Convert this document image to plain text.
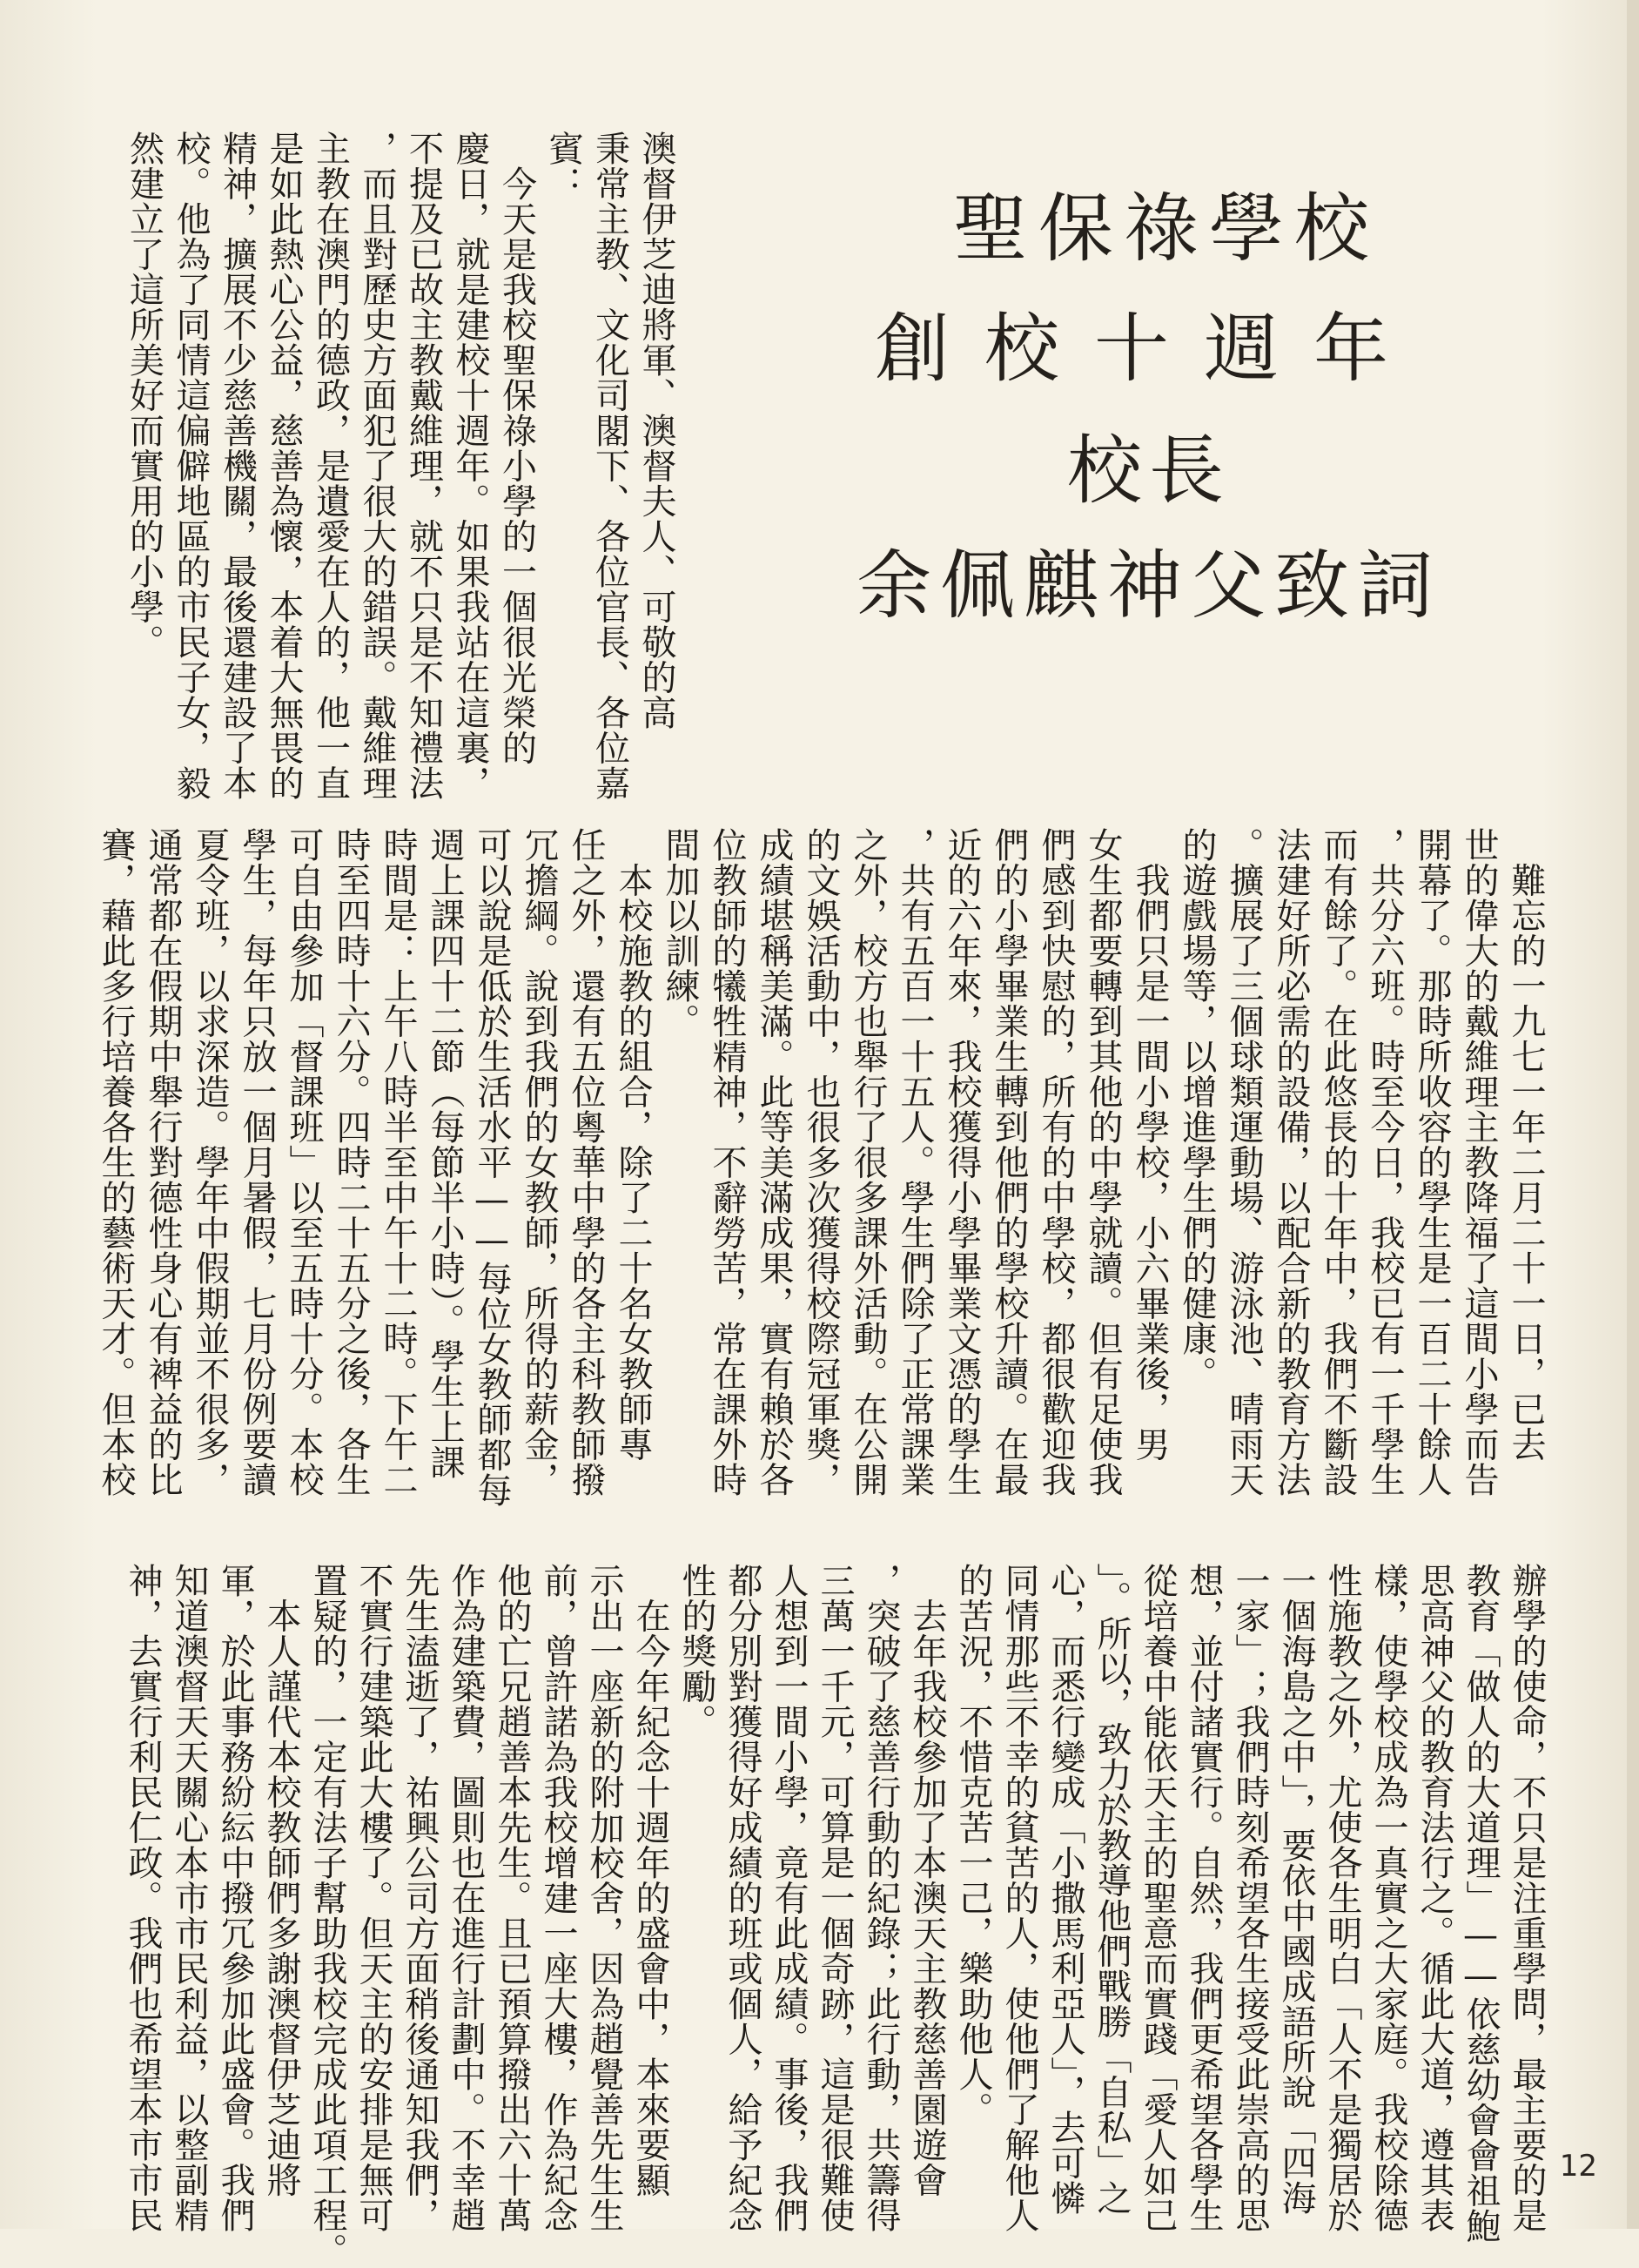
聖保祿學校
創校十週年
校長
余佩麒神父致詞
澳督伊芝迪將軍、澳督夫人、可敬的高
秉常主教、文化司閣下、各位官長、各位嘉
賓：
　今天是我校聖保祿小學的一個很光榮的
慶日，就是建校十週年。如果我站在這裏，
不提及已故主教戴維理，就不只是不知禮法
，而且對歷史方面犯了很大的錯誤。戴維理
主教在澳門的德政，是遺愛在人的，他一直
是如此熱心公益，慈善為懷，本着大無畏的
精神，擴展不少慈善機關，最後還建設了本
校。他為了同情這偏僻地區的市民子女，毅
然建立了這所美好而實用的小學。
　難忘的一九七一年二月二十一日，已去
世的偉大的戴維理主教降福了這間小學而告
開幕了。那時所收容的學生是一百二十餘人
，共分六班。時至今日，我校已有一千學生
而有餘了。在此悠長的十年中，我們不斷設
法建好所必需的設備，以配合新的教育方法
。擴展了三個球類運動場、游泳池、晴雨天
的遊戲場等，以增進學生們的健康。
　我們只是一間小學校，小六畢業後，男
女生都要轉到其他的中學就讀。但有足使我
們感到快慰的，所有的中學校，都很歡迎我
們的小學畢業生轉到他們的學校升讀。在最
近的六年來，我校獲得小學畢業文憑的學生
，共有五百一十五人。學生們除了正常課業
之外，校方也舉行了很多課外活動。在公開
的文娛活動中，也很多次獲得校際冠軍獎，
成績堪稱美滿。此等美滿成果，實有賴於各
位教師的犧牲精神，不辭勞苦，常在課外時
間加以訓練。
　本校施教的組合，除了二十名女教師專
任之外，還有五位粵華中學的各主科教師撥
冗擔綱。說到我們的女教師，所得的薪金，
可以說是低於生活水平——每位女教師都每
週上課四十二節（每節半小時）。學生上課
時間是：上午八時半至中午十二時。下午二
時至四時十六分。四時二十五分之後，各生
可自由參加「督課班」以至五時十分。本校
學生，每年只放一個月暑假，七月份例要讀
夏令班，以求深造。學年中假期並不很多，
通常都在假期中舉行對德性身心有裨益的比
賽，藉此多行培養各生的藝術天才。但本校
辦學的使命，不只是注重學問，最主要的是
教育「做人的大道理」——依慈幼會會祖鮑
思高神父的教育法行之。循此大道，遵其表
樣，使學校成為一真實之大家庭。我校除德
性施教之外，尤使各生明白「人不是獨居於
一個海島之中」，要依中國成語所說「四海
一家」；我們時刻希望各生接受此崇高的思
想，並付諸實行。自然，我們更希望各學生
從培養中能依天主的聖意而實踐「愛人如己
」。所以，致力於教導他們戰勝「自私」之
心，而悉行變成「小撒馬利亞人」，去可憐
同情那些不幸的貧苦的人，使他們了解他人
的苦況，不惜克苦一己，樂助他人。
　去年我校參加了本澳天主教慈善園遊會
，突破了慈善行動的紀錄；此行動，共籌得
三萬一千元，可算是一個奇跡，這是很難使
人想到一間小學，竟有此成績。事後，我們
都分別對獲得好成績的班或個人，給予紀念
性的獎勵。
　在今年紀念十週年的盛會中，本來要顯
示出一座新的附加校舍，因為趙覺善先生生
前，曾許諾為我校增建一座大樓，作為紀念
他的亡兄趙善本先生。且已預算撥出六十萬
作為建築費，圖則也在進行計劃中。不幸趙
先生溘逝了，祐興公司方面稍後通知我們，
不實行建築此大樓了。但天主的安排是無可
置疑的，一定有法子幫助我校完成此項工程。
　本人謹代本校教師們多謝澳督伊芝迪將
軍，於此事務紛紜中撥冗參加此盛會。我們
知道澳督天天關心本市市民利益，以整副精
神，去實行利民仁政。我們也希望本市市民	12
